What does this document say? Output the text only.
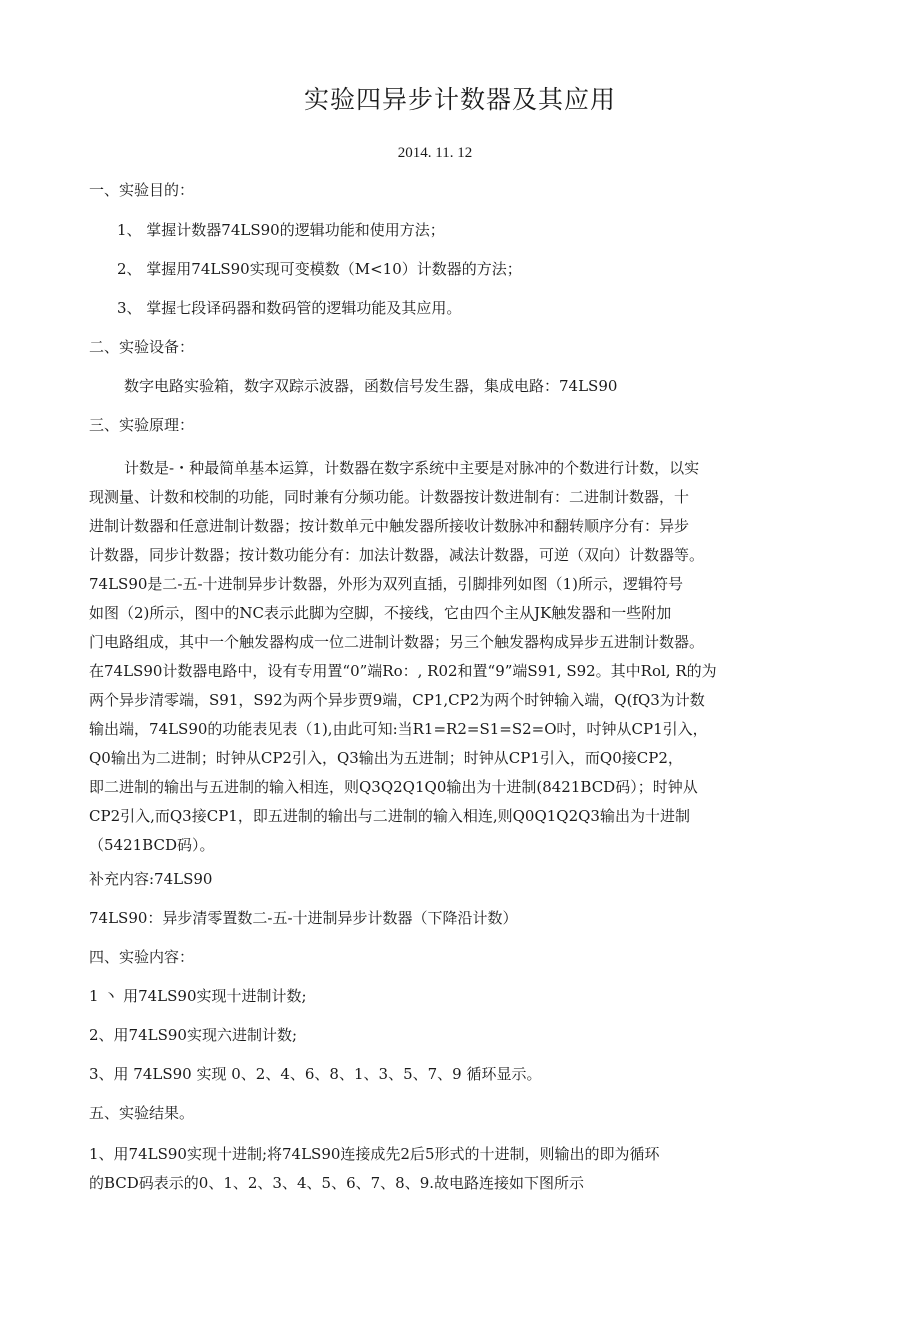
实验四异步计数器及其应用
2014. 11. 12
一、实验目的：
1、 掌握计数器74LS90的逻辑功能和使用方法；
2、 掌握用74LS90实现可变模数（M<10）计数器的方法；
3、 掌握七段译码器和数码管的逻辑功能及其应用。
二、实验设备：
数字电路实验箱，数字双踪示波器，函数信号发生器，集成电路：74LS90
三、实验原理：
计数是-・种最简单基本运算，计数器在数字系统中主要是对脉冲的个数进行计数，以实
现测量、计数和校制的功能，同时兼有分频功能。计数器按计数进制有：二进制计数器，十
进制计数器和任意进制计数器；按计数单元中触发器所接收计数脉冲和翻转顺序分有：异步
计数器，同步计数器；按计数功能分有：加法计数器，减法计数器，可逆（双向）计数器等。
74LS90是二-五-十进制异步计数器，外形为双列直插，引脚排列如图（1)所示，逻辑符号
如图（2)所示，图中的NC表示此脚为空脚，不接线，它由四个主从JK触发器和一些附加
门电路组成，其中一个触发器构成一位二进制计数器；另三个触发器构成异步五进制计数器。
在74LS90计数器电路中，设有专用置“0”端Ro：, R02和置“9”端S91, S92。其中Rol, R的为
两个异步清零端，S91，S92为两个异步贾9端，CP1,CP2为两个时钟输入端，Q(fQ3为计数
输出端，74LS90的功能表见表（1),由此可知:当R1=R2=S1=S2=O吋，吋钟从CP1引入，
Q0输出为二进制；时钟从CP2引入，Q3输出为五进制；时钟从CP1引入，而Q0接CP2，
即二进制的输出与五进制的输入相连，则Q3Q2Q1Q0输出为十进制(8421BCD码）；时钟从
CP2引入,而Q3接CP1，即五进制的输出与二进制的输入相连,则Q0Q1Q2Q3输出为十进制
（5421BCD码）。
补充内容:74LS90
74LS90：异步清零置数二-五-十进制异步计数器（下降沿计数）
四、实验内容：
1 丶 用74LS90实现十进制计数;
2、用74LS90实现六进制计数;
3、用 74LS90 实现 0、2、4、6、8、1、3、5、7、9 循环显示。
五、实验结果。
1、用74LS90实现十进制;将74LS90连接成先2后5形式的十进制，则输出的即为循环
的BCD码表示的0、1、2、3、4、5、6、7、8、9.故电路连接如下图所示
